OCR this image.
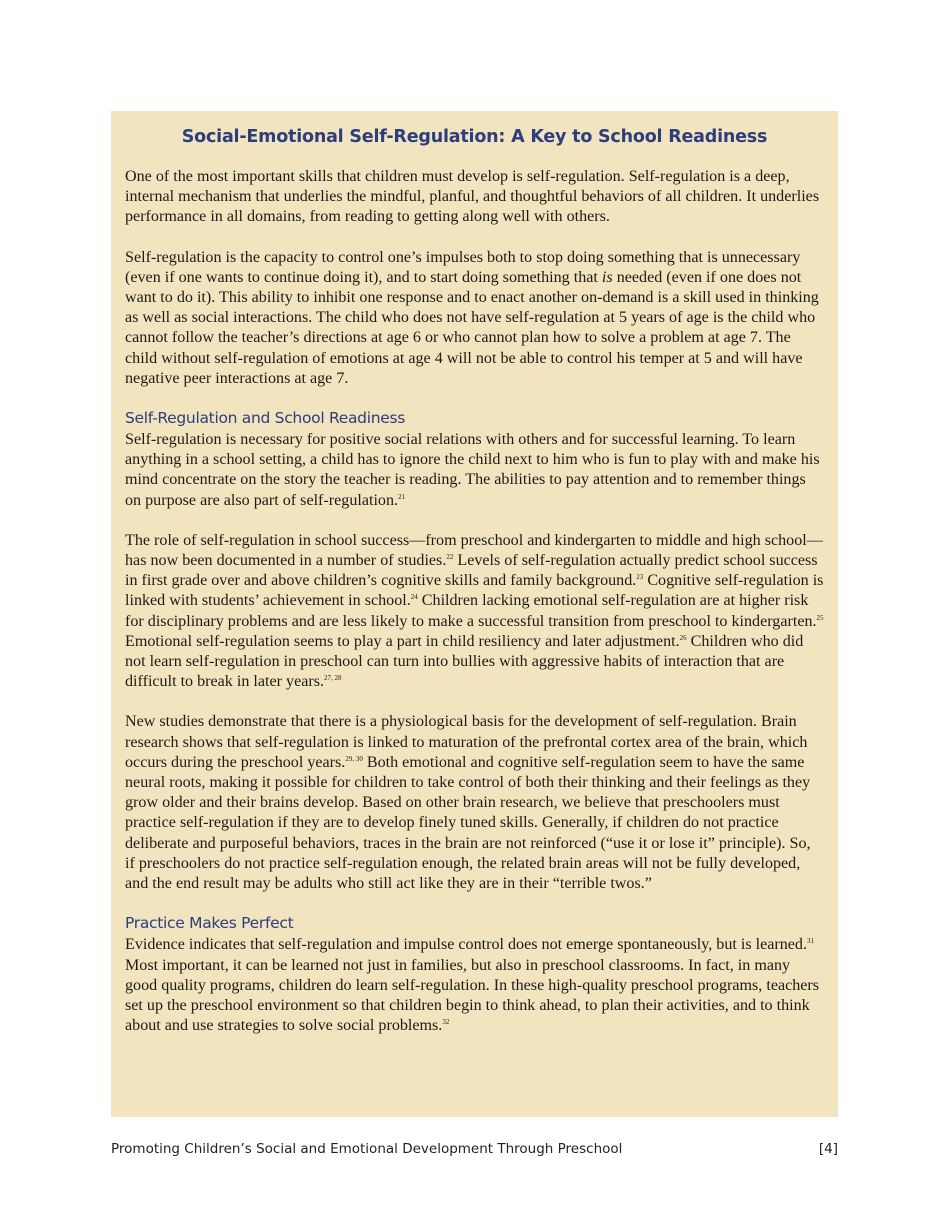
Social-Emotional Self-Regulation: A Key to School Readiness

One of the most important skills that children must develop is self-regulation. Self-regulation is a deep, internal mechanism that underlies the mindful, planful, and thoughtful behaviors of all children. It underlies performance in all domains, from reading to getting along well with others.

Self-regulation is the capacity to control one’s impulses both to stop doing something that is unnecessary (even if one wants to continue doing it), and to start doing something that is needed (even if one does not want to do it). This ability to inhibit one response and to enact another on-demand is a skill used in thinking as well as social interactions. The child who does not have self-regulation at 5 years of age is the child who cannot follow the teacher’s directions at age 6 or who cannot plan how to solve a problem at age 7. The child without self-regulation of emotions at age 4 will not be able to control his temper at 5 and will have negative peer interactions at age 7.

Self-Regulation and School Readiness

Self-regulation is necessary for positive social relations with others and for successful learning. To learn anything in a school setting, a child has to ignore the child next to him who is fun to play with and make his mind concentrate on the story the teacher is reading. The abilities to pay attention and to remember things on purpose are also part of self-regulation.$^{21}$

The role of self-regulation in school success—from preschool and kindergarten to middle and high school—has now been documented in a number of studies.$^{22}$ Levels of self-regulation actually predict school success in first grade over and above children’s cognitive skills and family background.$^{23}$ Cognitive self-regulation is linked with students’ achievement in school.$^{24}$ Children lacking emotional self-regulation are at higher risk for disciplinary problems and are less likely to make a successful transition from preschool to kindergarten.$^{25}$ Emotional self-regulation seems to play a part in child resiliency and later adjustment.$^{26}$ Children who did not learn self-regulation in preschool can turn into bullies with aggressive habits of interaction that are difficult to break in later years.$^{27, 28}$

New studies demonstrate that there is a physiological basis for the development of self-regulation. Brain research shows that self-regulation is linked to maturation of the prefrontal cortex area of the brain, which occurs during the preschool years.$^{29, 30}$ Both emotional and cognitive self-regulation seem to have the same neural roots, making it possible for children to take control of both their thinking and their feelings as they grow older and their brains develop. Based on other brain research, we believe that preschoolers must practice self-regulation if they are to develop finely tuned skills. Generally, if children do not practice deliberate and purposeful behaviors, traces in the brain are not reinforced (“use it or lose it” principle). So, if preschoolers do not practice self-regulation enough, the related brain areas will not be fully developed, and the end result may be adults who still act like they are in their “terrible twos.”

Practice Makes Perfect

Evidence indicates that self-regulation and impulse control does not emerge spontaneously, but is learned.$^{31}$ Most important, it can be learned not just in families, but also in preschool classrooms. In fact, in many good quality programs, children do learn self-regulation. In these high-quality preschool programs, teachers set up the preschool environment so that children begin to think ahead, to plan their activities, and to think about and use strategies to solve social problems.$^{32}$

Promoting Children’s Social and Emotional Development Through Preschool	[4]
